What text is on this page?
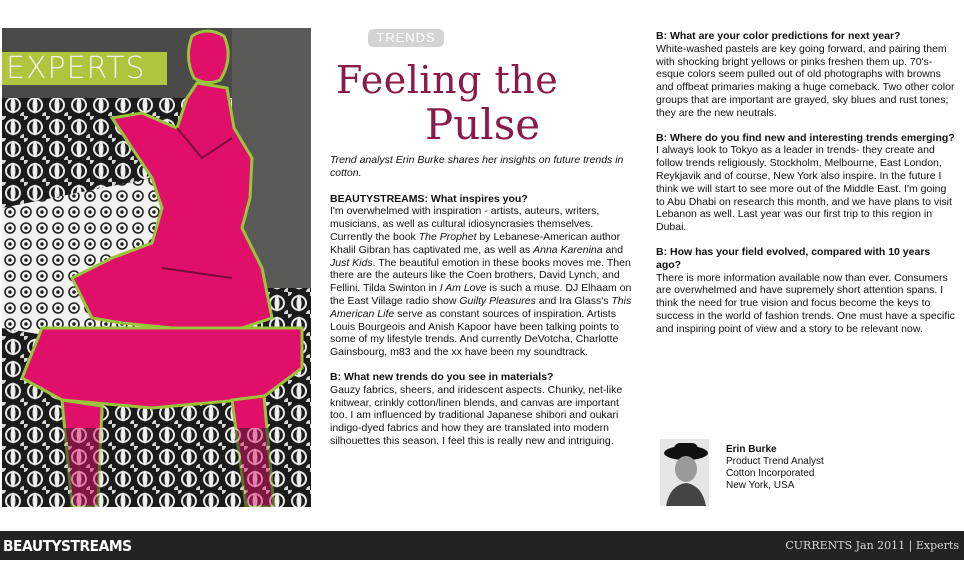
EXPERTS
TRENDS
Feeling the
Pulse

Trend analyst Erin Burke shares her insights on future trends in cotton.

BEAUTYSTREAMS: What inspires you?

I'm overwhelmed with inspiration - artists, auteurs, writers, musicians, as well as cultural idiosyncrasies themselves. Currently the book The Prophet by Lebanese-American author Khalil Gibran has captivated me, as well as Anna Karenina and Just Kids. The beautiful emotion in these books moves me. Then there are the auteurs like the Coen brothers, David Lynch, and Fellini. Tilda Swinton in I Am Love is such a muse. DJ Elhaam on the East Village radio show Guilty Pleasures and Ira Glass's This American Life serve as constant sources of inspiration. Artists Louis Bourgeois and Anish Kapoor have been talking points to some of my lifestyle trends. And currently DeVotcha, Charlotte Gainsbourg, m83 and the xx have been my soundtrack.

B: What new trends do you see in materials?

Gauzy fabrics, sheers, and iridescent aspects. Chunky, net-like knitwear, crinkly cotton/linen blends, and canvas are important too. I am influenced by traditional Japanese shibori and oukari indigo-dyed fabrics and how they are translated into modern silhouettes this season. I feel this is really new and intriguing.

B: What are your color predictions for next year?

White-washed pastels are key going forward, and pairing them with shocking bright yellows or pinks freshen them up. 70's-esque colors seem pulled out of old photographs with browns and offbeat primaries making a huge comeback. Two other color groups that are important are grayed, sky blues and rust tones; they are the new neutrals.

B: Where do you find new and interesting trends emerging?

I always look to Tokyo as a leader in trends- they create and follow trends religiously. Stockholm, Melbourne, East London, Reykjavik and of course, New York also inspire. In the future I think we will start to see more out of the Middle East. I'm going to Abu Dhabi on research this month, and we have plans to visit Lebanon as well. Last year was our first trip to this region in Dubai.

B: How has your field evolved, compared with 10 years ago?

There is more information available now than ever. Consumers are overwhelmed and have supremely short attention spans. I think the need for true vision and focus become the keys to success in the world of fashion trends. One must have a specific and inspiring point of view and a story to be relevant now.

Erin Burke
Product Trend Analyst
Cotton Incorporated
New York, USA
BEAUTYSTREAMS	CURRENTS Jan 2011 | Experts
